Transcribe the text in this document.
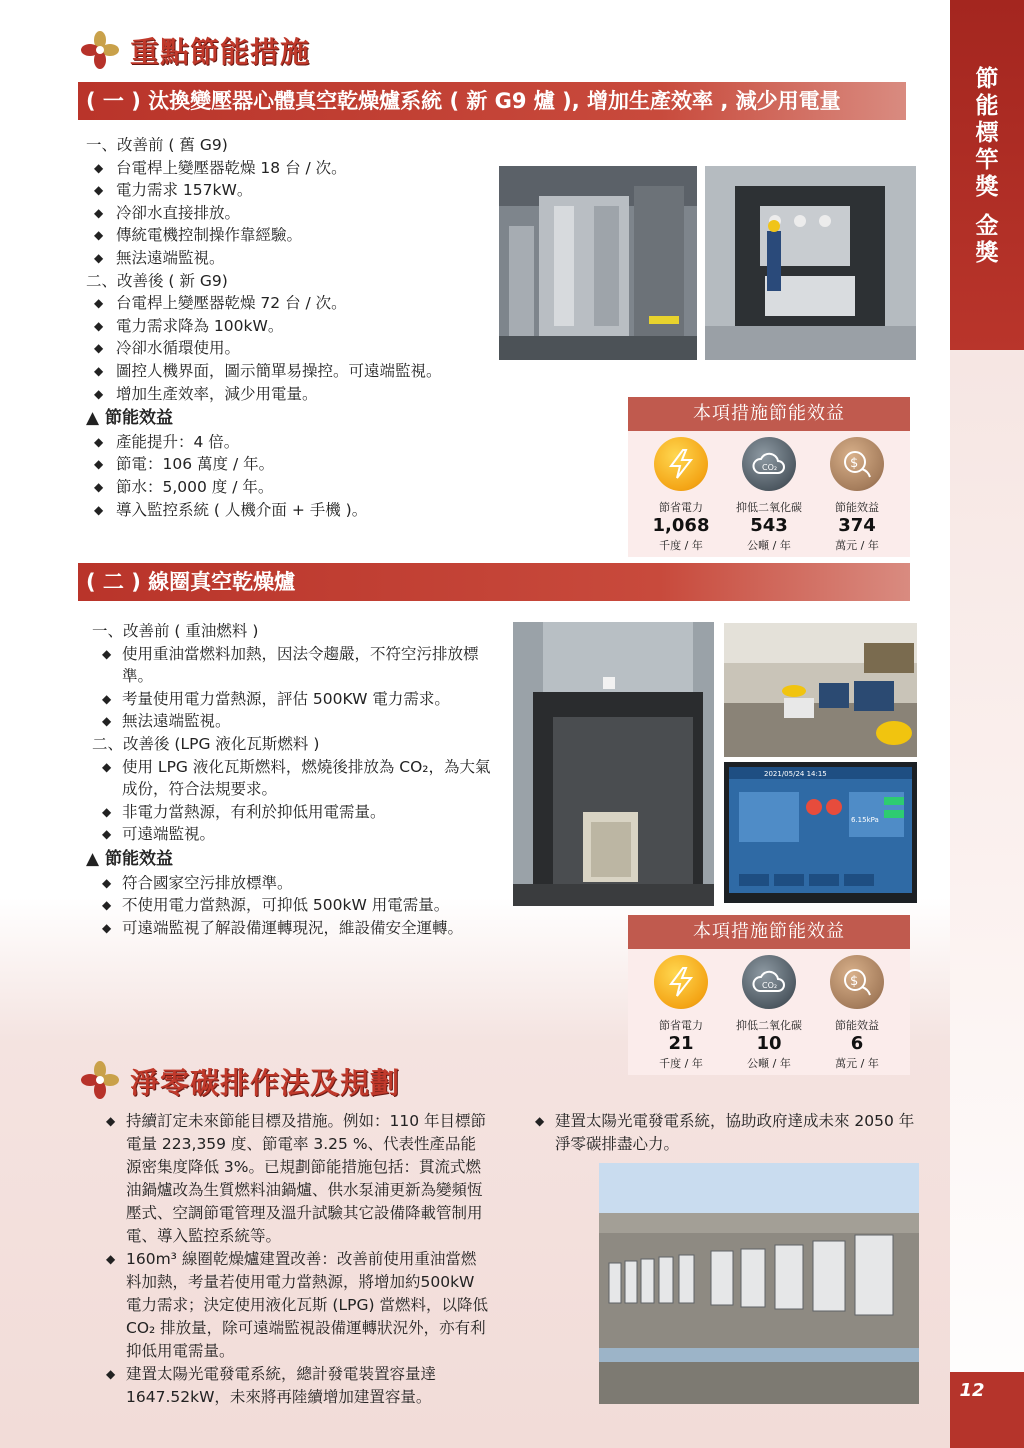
節
能
標
竿
獎
金
獎
12
重點節能措施
( 一 ) 汰換變壓器心體真空乾燥爐系統 ( 新 G9 爐 ), 增加生產效率 , 減少用電量
一、改善前 ( 舊 G9)
◆ 台電桿上變壓器乾燥 18 台 / 次。
◆ 電力需求 157kW。
◆ 冷卻水直接排放。
◆ 傳統電機控制操作靠經驗。
◆ 無法遠端監視。
二、改善後 ( 新 G9)
◆ 台電桿上變壓器乾燥 72 台 / 次。
◆ 電力需求降為 100kW。
◆ 冷卻水循環使用。
◆ 圖控人機界面，圖示簡單易操控。可遠端監視。
◆ 增加生產效率，減少用電量。
▲ 節能效益
◆ 產能提升：4 倍。
◆ 節電：106 萬度 / 年。
◆ 節水：5,000 度 / 年。
◆ 導入監控系統 ( 人機介面 + 手機 )。
本項措施節能效益
節省電力
1,068
千度 / 年
CO₂
抑低二氧化碳
543
公噸 / 年
$
節能效益
374
萬元 / 年
( 二 ) 線圈真空乾燥爐
一、改善前 ( 重油燃料 )
◆ 使用重油當燃料加熱，因法令趨嚴，不符空污排放標準。
◆ 考量使用電力當熱源，評估 500KW 電力需求。
◆ 無法遠端監視。
二、改善後 (LPG 液化瓦斯燃料 )
◆ 使用 LPG 液化瓦斯燃料，燃燒後排放為 CO₂，為大氣成份，符合法規要求。
◆ 非電力當熱源，有利於抑低用電需量。
◆ 可遠端監視。
▲ 節能效益
◆ 符合國家空污排放標準。
◆ 不使用電力當熱源，可抑低 500kW 用電需量。
◆ 可遠端監視了解設備運轉現況，維設備安全運轉。
2021/05/24 14:15
6.15kPa
本項措施節能效益
節省電力
21
千度 / 年
CO₂
抑低二氧化碳
10
公噸 / 年
$
節能效益
6
萬元 / 年
淨零碳排作法及規劃
◆ 持續訂定未來節能目標及措施。例如：110 年目標節電量 223,359 度、節電率 3.25 %、代表性產品能源密集度降低 3%。已規劃節能措施包括：貫流式燃油鍋爐改為生質燃料油鍋爐、供水泵浦更新為變頻恆壓式、空調節電管理及溫升試驗其它設備降載管制用電、導入監控系統等。
◆ 160m³ 線圈乾燥爐建置改善：改善前使用重油當燃料加熱，考量若使用電力當熱源，將增加約500kW 電力需求；決定使用液化瓦斯 (LPG) 當燃料，以降低 CO₂ 排放量，除可遠端監視設備運轉狀況外，亦有利抑低用電需量。
◆ 建置太陽光電發電系統，總計發電裝置容量達1647.52kW，未來將再陸續增加建置容量。
◆ 建置太陽光電發電系統，協助政府達成未來 2050 年淨零碳排盡心力。
